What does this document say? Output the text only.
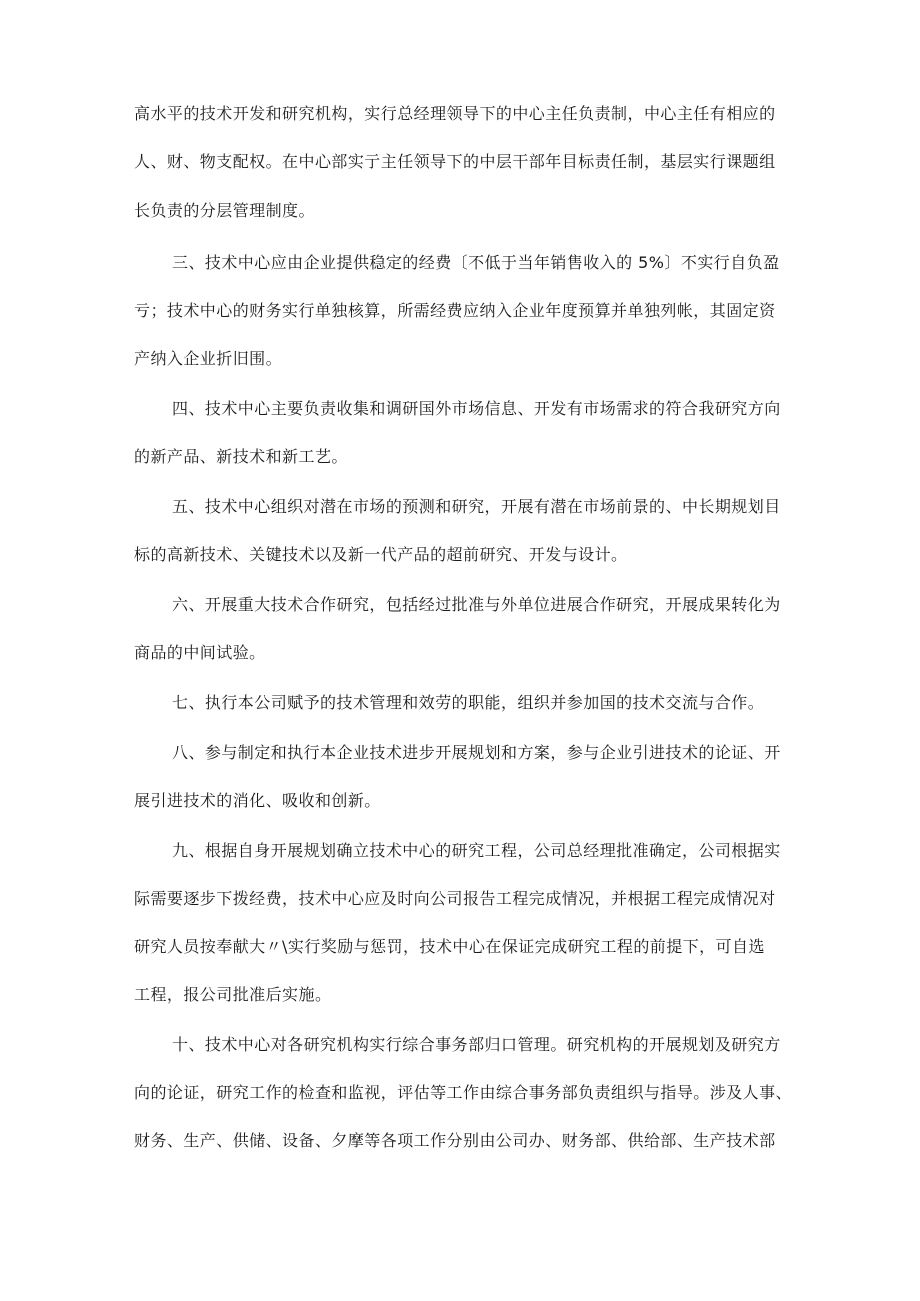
高水平的技术开发和研究机构，实行总经理领导下的中心主任负责制，中心主任有相应的
人、财、物支配权。在中心部实亍主任领导下的中层干部年目标责任制，基层实行课题组
长负责的分层管理制度。
三、技术中心应由企业提供稳定的经费〔不低于当年销售收入的 5%〕不实行自负盈
亏；技术中心的财务实行单独核算，所需经费应纳入企业年度预算并单独列帐，其固定资
产纳入企业折旧围。
四、技术中心主要负责收集和调研国外市场信息、开发有市场需求的符合我研究方向
的新产品、新技术和新工艺。
五、技术中心组织对潜在市场的预测和研究，开展有潜在市场前景的、中长期规划目
标的高新技术、关键技术以及新一代产品的超前研究、开发与设计。
六、开展重大技术合作研究，包括经过批准与外单位进展合作研究，开展成果转化为
商品的中间试验。
七、执行本公司赋予的技术管理和效劳的职能，组织并参加国的技术交流与合作。
八、参与制定和执行本企业技术进步开展规划和方案，参与企业引进技术的论证、开
展引进技术的消化、吸收和创新。
九、根据自身开展规划确立技术中心的研究工程，公司总经理批准确定，公司根据实
际需要逐步下拨经费，技术中心应及时向公司报告工程完成情况，并根据工程完成情况对
研究人员按奉献大〃\实行奖励与惩罚，技术中心在保证完成研究工程的前提下，可自选
工程，报公司批准后实施。
十、技术中心对各研究机构实行综合事务部归口管理。研究机构的开展规划及研究方
向的论证，研究工作的检查和监视，评估等工作由综合事务部负责组织与指导。涉及人事、
财务、生产、供储、设备、夕摩等各项工作分别由公司办、财务部、供给部、生产技术部
